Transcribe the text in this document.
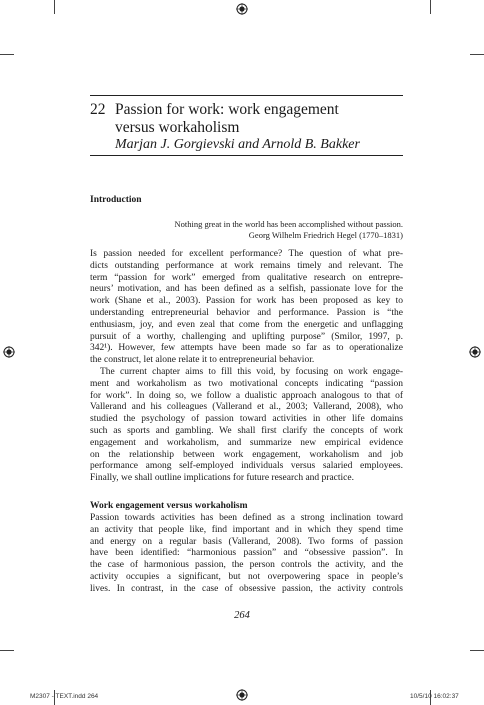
22 Passion for work: work engagement
versus workaholism
Marjan J. Gorgievski and Arnold B. Bakker
Introduction
Nothing great in the world has been accomplished without passion.
Georg Wilhelm Friedrich Hegel (1770–1831)
Is passion needed for excellent performance? The question of what pre-
dicts outstanding performance at work remains timely and relevant. The
term “passion for work” emerged from qualitative research on entrepre-
neurs’ motivation, and has been defined as a selfish, passionate love for the
work (Shane et al., 2003). Passion for work has been proposed as key to
understanding entrepreneurial behavior and performance. Passion is “the
enthusiasm, joy, and even zeal that come from the energetic and unflagging
pursuit of a worthy, challenging and uplifting purpose” (Smilor, 1997, p.
342¹). However, few attempts have been made so far as to operationalize
the construct, let alone relate it to entrepreneurial behavior.
The current chapter aims to fill this void, by focusing on work engage-
ment and workaholism as two motivational concepts indicating “passion
for work”. In doing so, we follow a dualistic approach analogous to that of
Vallerand and his colleagues (Vallerand et al., 2003; Vallerand, 2008), who
studied the psychology of passion toward activities in other life domains
such as sports and gambling. We shall first clarify the concepts of work
engagement and workaholism, and summarize new empirical evidence
on the relationship between work engagement, workaholism and job
performance among self-employed individuals versus salaried employees.
Finally, we shall outline implications for future research and practice.
Work engagement versus workaholism
Passion towards activities has been defined as a strong inclination toward
an activity that people like, find important and in which they spend time
and energy on a regular basis (Vallerand, 2008). Two forms of passion
have been identified: “harmonious passion” and “obsessive passion”. In
the case of harmonious passion, the person controls the activity, and the
activity occupies a significant, but not overpowering space in people’s
lives. In contrast, in the case of obsessive passion, the activity controls
264
M2307 - TEXT.indd 264	10/5/10 16:02:37
